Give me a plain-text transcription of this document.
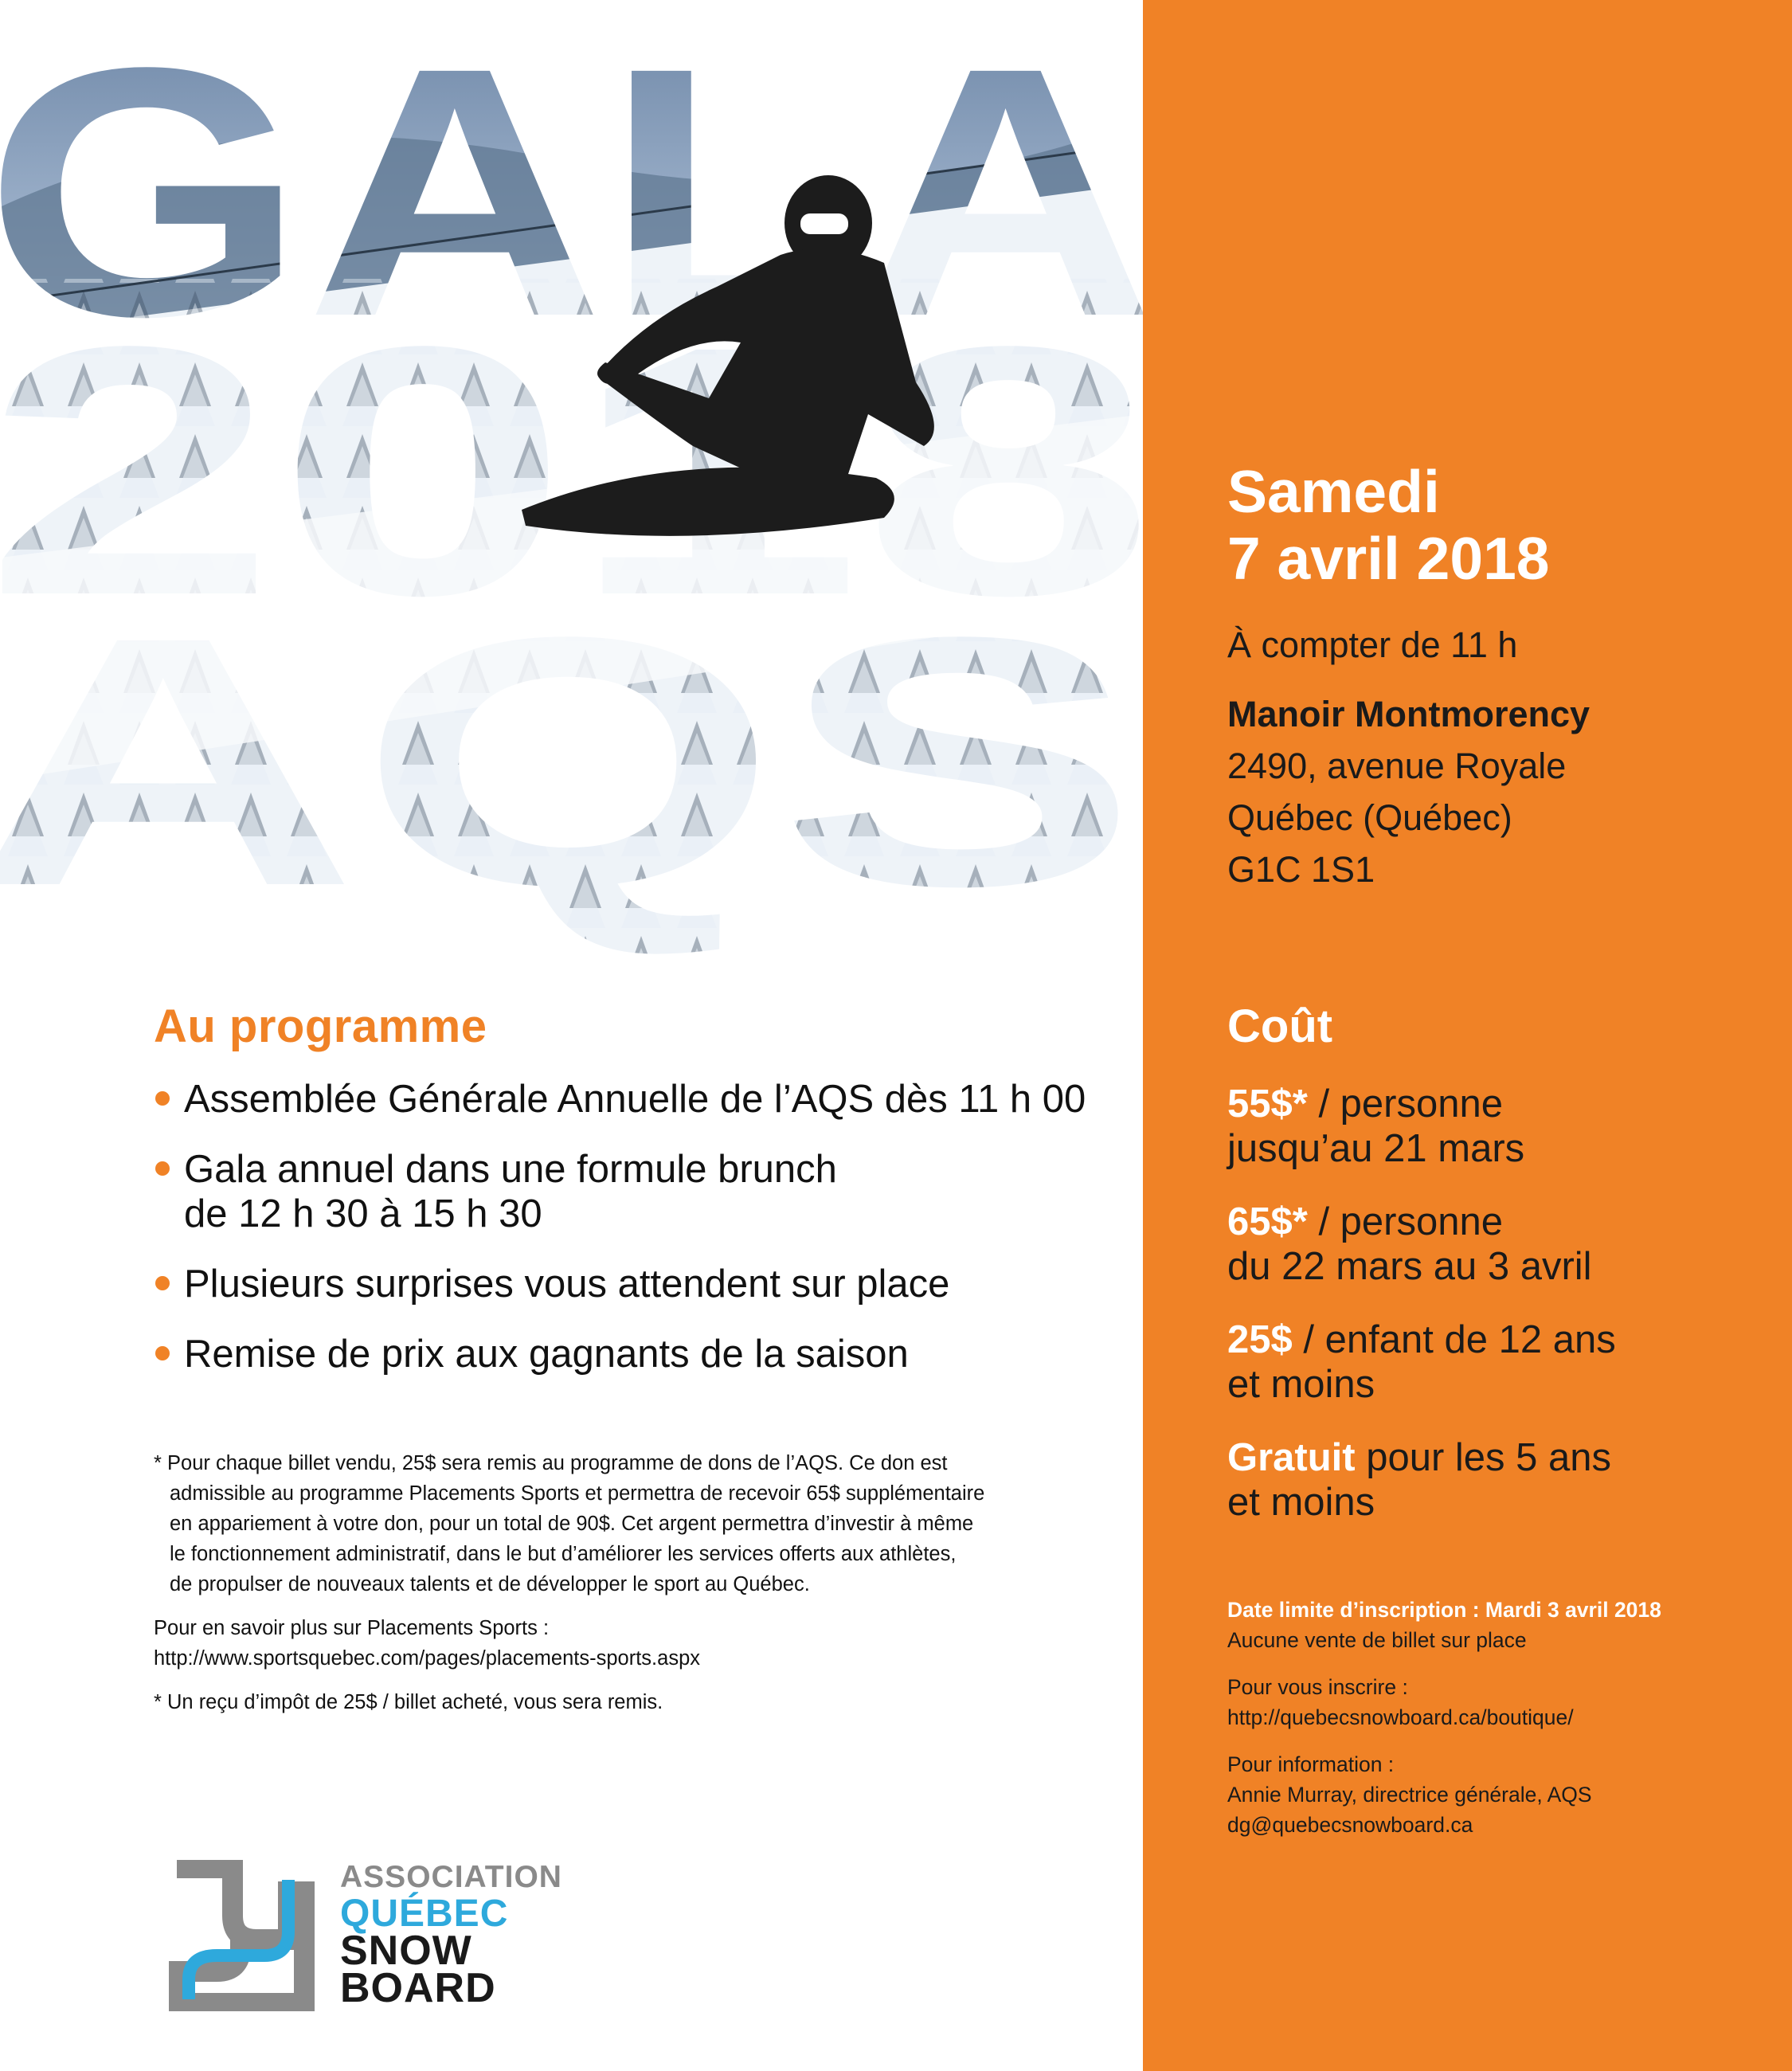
Au programme
Assemblée Générale Annuelle de l’AQS dès 11 h 00
Gala annuel dans une formule brunch
de 12 h 30 à 15 h 30
Plusieurs surprises vous attendent sur place
Remise de prix aux gagnants de la saison

* Pour chaque billet vendu, 25$ sera remis au programme de dons de l’AQS. Ce don est
admissible au programme Placements Sports et permettra de recevoir 65$ supplémentaire
en appariement à votre don, pour un total de 90$. Cet argent permettra d’investir à même
le fonctionnement administratif, dans le but d’améliorer les services offerts aux athlètes,
de propulser de nouveaux talents et de développer le sport au Québec.

Pour en savoir plus sur Placements Sports :
http://www.sportsquebec.com/pages/placements-sports.aspx

* Un reçu d’impôt de 25$ / billet acheté, vous sera remis.

ASSOCIATION
QUÉBEC
SNOW
BOARD
Samedi
7 avril 2018
À compter de 11 h
Manoir Montmorency
2490, avenue Royale
Québec (Québec)
G1C 1S1
Coût
55$* / personne
jusqu’au 21 mars
65$* / personne
du 22 mars au 3 avril
25$ / enfant de 12 ans
et moins
Gratuit pour les 5 ans
et moins

Date limite d’inscription : Mardi 3 avril 2018
Aucune vente de billet sur place

Pour vous inscrire :
http://quebecsnowboard.ca/boutique/

Pour information :
Annie Murray, directrice générale, AQS
dg@quebecsnowboard.ca
